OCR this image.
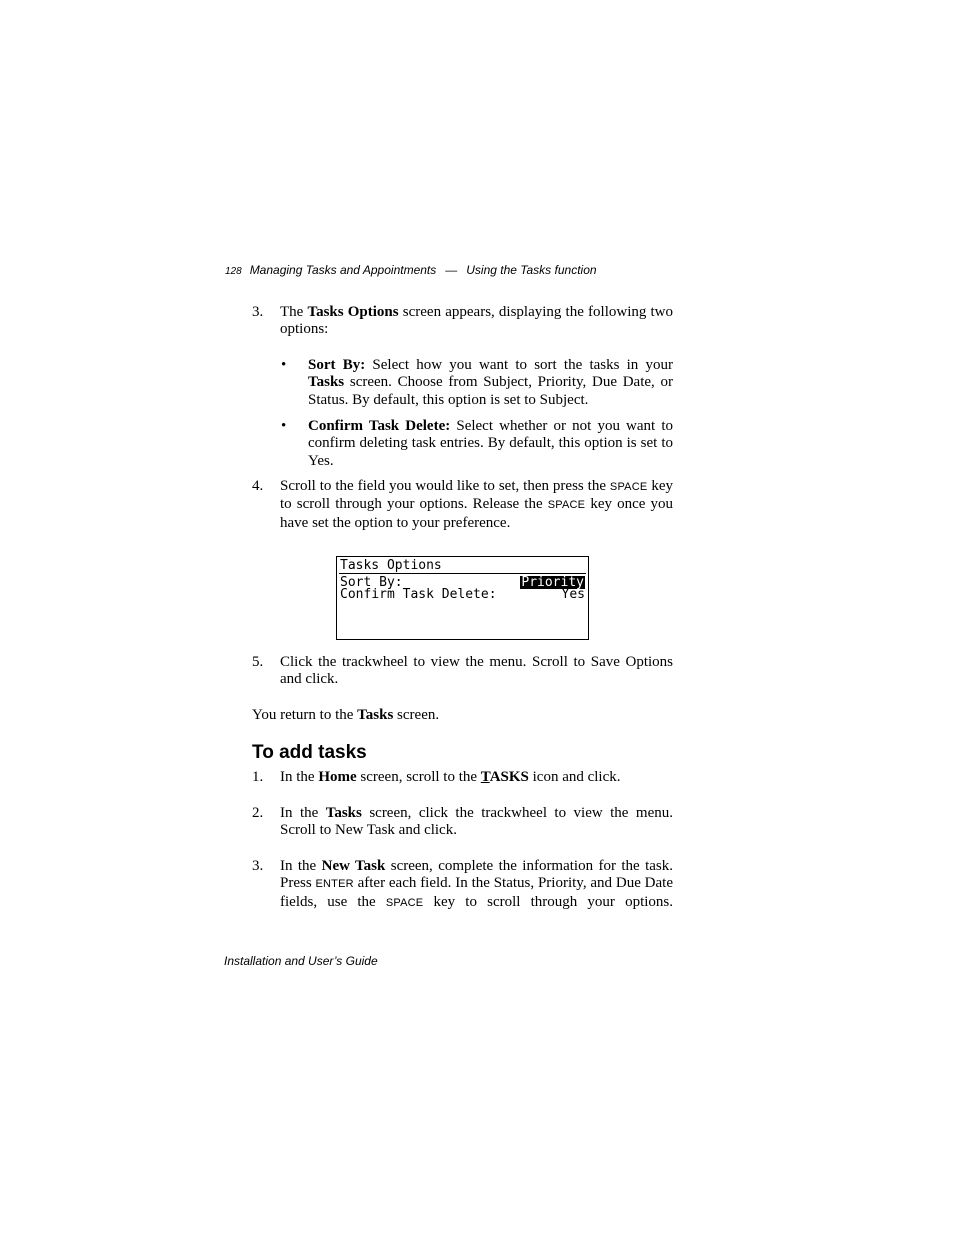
128 Managing Tasks and Appointments — Using the Tasks function
3. The Tasks Options screen appears, displaying the following two options:
• Sort By: Select how you want to sort the tasks in your Tasks screen. Choose from Subject, Priority, Due Date, or Status. By default, this option is set to Subject.
• Confirm Task Delete: Select whether or not you want to confirm deleting task entries. By default, this option is set to Yes.
4. Scroll to the field you would like to set, then press the SPACE key to scroll through your options. Release the SPACE key once you have set the option to your preference.
Tasks Options
Sort By:	Priority
Confirm Task Delete:	Yes
5. Click the trackwheel to view the menu. Scroll to Save Options and click.
You return to the Tasks screen.
To add tasks
1. In the Home screen, scroll to the TASKS icon and click.
2. In the Tasks screen, click the trackwheel to view the menu. Scroll to New Task and click.
3. In the New Task screen, complete the information for the task. Press ENTER after each field. In the Status, Priority, and Due Date fields, use the SPACE key to scroll through your options.
Installation and User’s Guide
